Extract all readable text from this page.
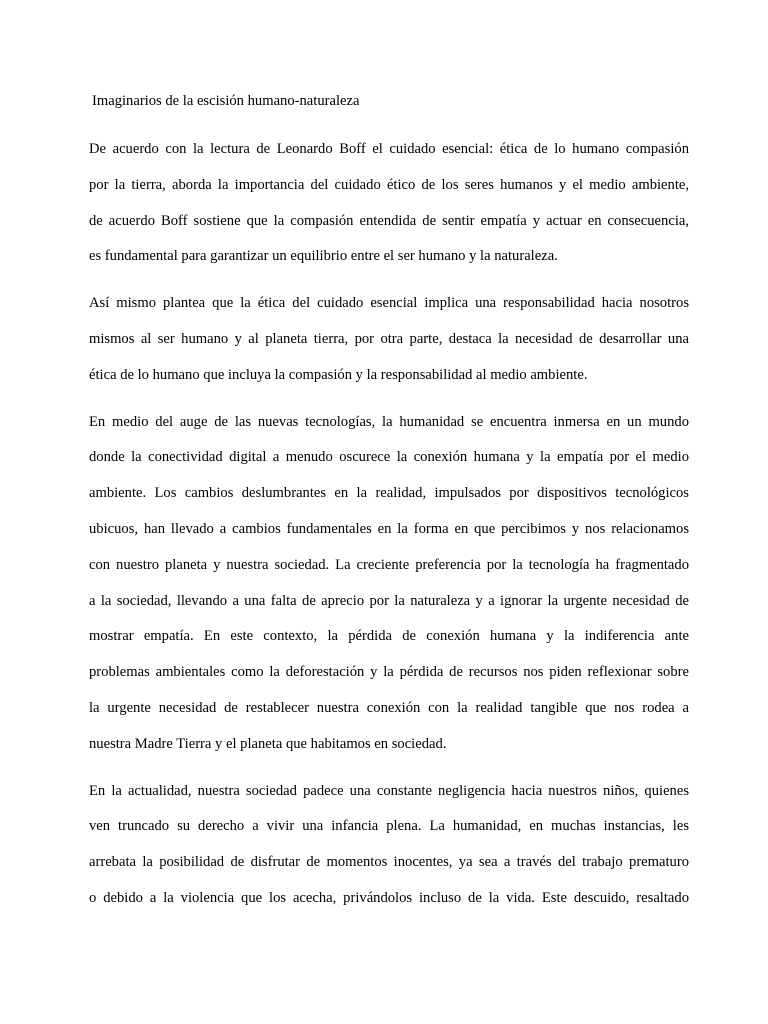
Imaginarios de la escisión humano-naturaleza

De acuerdo con la lectura de Leonardo Boff el cuidado esencial: ética de lo humano compasión
por la tierra, aborda la importancia del cuidado ético de los seres humanos y el medio ambiente,
de acuerdo Boff sostiene que la compasión entendida de sentir empatía y actuar en consecuencia,
es fundamental para garantizar un equilibrio entre el ser humano y la naturaleza.

Así mismo plantea que la ética del cuidado esencial implica una responsabilidad hacia nosotros
mismos al ser humano y al planeta tierra, por otra parte, destaca la necesidad de desarrollar una
ética de lo humano que incluya la compasión y la responsabilidad al medio ambiente.

En medio del auge de las nuevas tecnologías, la humanidad se encuentra inmersa en un mundo
donde la conectividad digital a menudo oscurece la conexión humana y la empatía por el medio
ambiente. Los cambios deslumbrantes en la realidad, impulsados por dispositivos tecnológicos
ubicuos, han llevado a cambios fundamentales en la forma en que percibimos y nos relacionamos
con nuestro planeta y nuestra sociedad. La creciente preferencia por la tecnología ha fragmentado
a la sociedad, llevando a una falta de aprecio por la naturaleza y a ignorar la urgente necesidad de
mostrar empatía. En este contexto, la pérdida de conexión humana y la indiferencia ante
problemas ambientales como la deforestación y la pérdida de recursos nos piden reflexionar sobre
la urgente necesidad de restablecer nuestra conexión con la realidad tangible que nos rodea a
nuestra Madre Tierra y el planeta que habitamos en sociedad.

En la actualidad, nuestra sociedad padece una constante negligencia hacia nuestros niños, quienes
ven truncado su derecho a vivir una infancia plena. La humanidad, en muchas instancias, les
arrebata la posibilidad de disfrutar de momentos inocentes, ya sea a través del trabajo prematuro
o debido a la violencia que los acecha, privándolos incluso de la vida. Este descuido, resaltado
